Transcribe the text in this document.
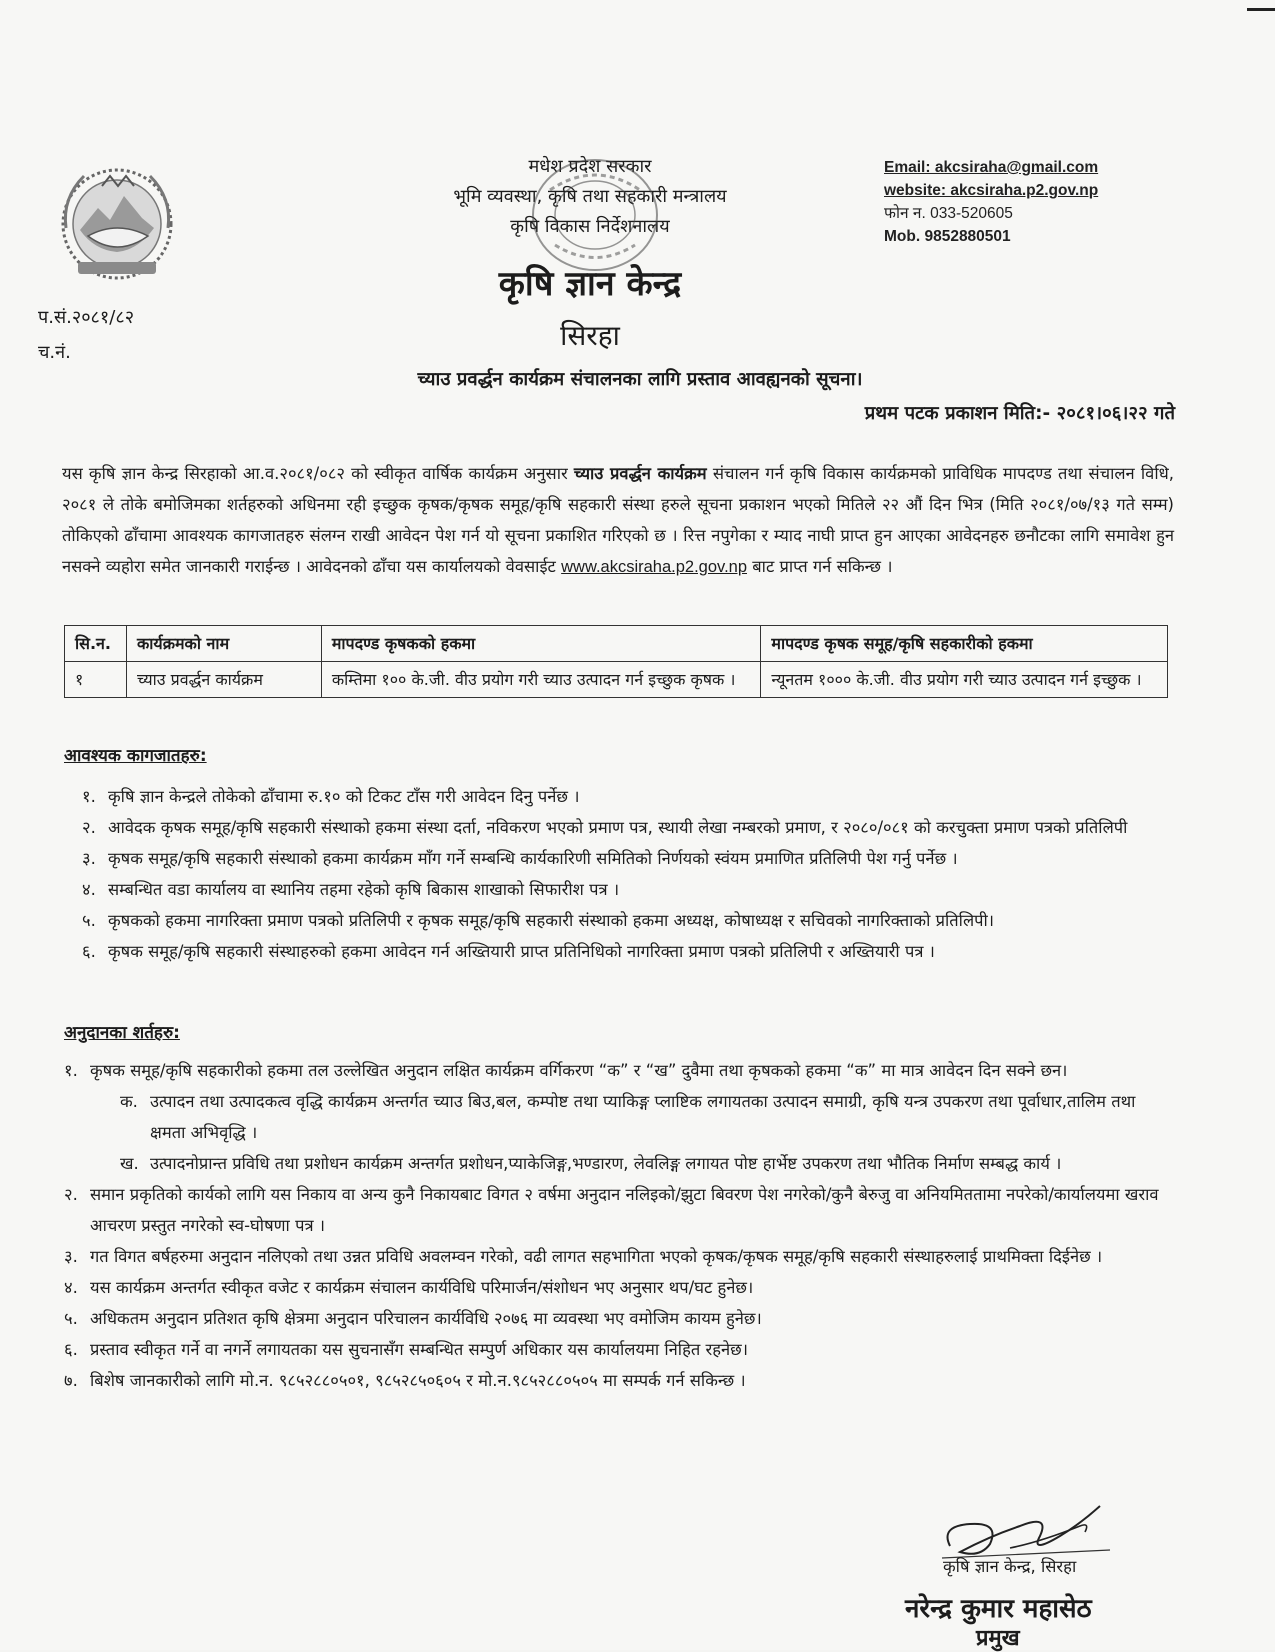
मधेश प्रदेश सरकार
भूमि व्यवस्था, कृषि तथा सहकारी मन्त्रालय
कृषि विकास निर्देशनालय
कृषि ज्ञान केन्द्र
सिरहा
Email: akcsiraha@gmail.com
website: akcsiraha.p2.gov.np
फोन न. 033-520605
Mob. 9852880501
प.सं.२०८१/८२
च.नं.
च्याउ प्रवर्द्धन कार्यक्रम संचालनका लागि प्रस्ताव आवह्यनको सूचना।
प्रथम पटक प्रकाशन मिति:- २०८१।०६।२२ गते
यस कृषि ज्ञान केन्द्र सिरहाको आ.व.२०८१/०८२ को स्वीकृत वार्षिक कार्यक्रम अनुसार च्याउ प्रवर्द्धन कार्यक्रम संचालन गर्न कृषि विकास कार्यक्रमको प्राविधिक मापदण्ड तथा संचालन विधि, २०८१ ले तोके बमोजिमका शर्तहरुको अधिनमा रही इच्छुक कृषक/कृषक समूह/कृषि सहकारी संस्था हरुले सूचना प्रकाशन भएको मितिले २२ औं दिन भित्र (मिति २०८१/०७/१३ गते सम्म) तोकिएको ढाँचामा आवश्यक कागजातहरु संलग्न राखी आवेदन पेश गर्न यो सूचना प्रकाशित गरिएको छ । रित्त नपुगेका र म्याद नाघी प्राप्त हुन आएका आवेदनहरु छनौटका लागि समावेश हुन नसक्ने व्यहोरा समेत जानकारी गराईन्छ । आवेदनको ढाँचा यस कार्यालयको वेवसाईट www.akcsiraha.p2.gov.np बाट प्राप्त गर्न सकिन्छ ।
सि.न.	कार्यक्रमको नाम	मापदण्ड कृषकको हकमा	मापदण्ड कृषक समूह/कृषि सहकारीको हकमा
१	च्याउ प्रवर्द्धन कार्यक्रम	कम्तिमा १०० के.जी. वीउ प्रयोग गरी च्याउ उत्पादन गर्न इच्छुक कृषक ।	न्यूनतम १००० के.जी. वीउ प्रयोग गरी च्याउ उत्पादन गर्न इच्छुक ।
आवश्यक कागजातहरु:
१. कृषि ज्ञान केन्द्रले तोकेको ढाँचामा रु.१० को टिकट टाँस गरी आवेदन दिनु पर्नेछ ।
२. आवेदक कृषक समूह/कृषि सहकारी संस्थाको हकमा संस्था दर्ता, नविकरण भएको प्रमाण पत्र, स्थायी लेखा नम्बरको प्रमाण, र २०८०/०८१ को करचुक्ता प्रमाण पत्रको प्रतिलिपी
३. कृषक समूह/कृषि सहकारी संस्थाको हकमा कार्यक्रम माँग गर्ने सम्बन्धि कार्यकारिणी समितिको निर्णयको स्वंयम प्रमाणित प्रतिलिपी पेश गर्नु पर्नेछ ।
४. सम्बन्धित वडा कार्यालय वा स्थानिय तहमा रहेको कृषि बिकास शाखाको सिफारीश पत्र ।
५. कृषकको हकमा नागरिक्ता प्रमाण पत्रको प्रतिलिपी र कृषक समूह/कृषि सहकारी संस्थाको हकमा अध्यक्ष, कोषाध्यक्ष र सचिवको नागरिक्ताको प्रतिलिपी।
६. कृषक समूह/कृषि सहकारी संस्थाहरुको हकमा आवेदन गर्न अख्तियारी प्राप्त प्रतिनिधिको नागरिक्ता प्रमाण पत्रको प्रतिलिपी र अख्तियारी पत्र ।
अनुदानका शर्तहरु:
१. कृषक समूह/कृषि सहकारीको हकमा तल उल्लेखित अनुदान लक्षित कार्यक्रम वर्गिकरण “क” र “ख” दुवैमा तथा कृषकको हकमा “क” मा मात्र आवेदन दिन सक्ने छन।
क. उत्पादन तथा उत्पादकत्व वृद्धि कार्यक्रम अन्तर्गत च्याउ बिउ,बल, कम्पोष्ट तथा प्याकिङ्ग प्लाष्टिक लगायतका उत्पादन समाग्री, कृषि यन्त्र उपकरण तथा पूर्वाधार,तालिम तथा क्षमता अभिवृद्धि ।
ख. उत्पादनोप्रान्त प्रविधि तथा प्रशोधन कार्यक्रम अन्तर्गत प्रशोधन,प्याकेजिङ्ग,भण्डारण, लेवलिङ्ग लगायत पोष्ट हार्भेष्ट उपकरण तथा भौतिक निर्माण सम्बद्ध कार्य ।
२. समान प्रकृतिको कार्यको लागि यस निकाय वा अन्य कुनै निकायबाट विगत २ वर्षमा अनुदान नलिइको/झुटा बिवरण पेश नगरेको/कुनै बेरुजु वा अनियमिततामा नपरेको/कार्यालयमा खराव आचरण प्रस्तुत नगरेको स्व-घोषणा पत्र ।
३. गत विगत बर्षहरुमा अनुदान नलिएको तथा उन्नत प्रविधि अवलम्वन गरेको, वढी लागत सहभागिता भएको कृषक/कृषक समूह/कृषि सहकारी संस्थाहरुलाई प्राथमिक्ता दिईनेछ ।
४. यस कार्यक्रम अन्तर्गत स्वीकृत वजेट र कार्यक्रम संचालन कार्यविधि परिमार्जन/संशोधन भए अनुसार थप/घट हुनेछ।
५. अधिकतम अनुदान प्रतिशत कृषि क्षेत्रमा अनुदान परिचालन कार्यविधि २०७६ मा व्यवस्था भए वमोजिम कायम हुनेछ।
६. प्रस्ताव स्वीकृत गर्ने वा नगर्ने लगायतका यस सुचनासँग सम्बन्धित सम्पुर्ण अधिकार यस कार्यालयमा निहित रहनेछ।
७. बिशेष जानकारीको लागि मो.न. ९८५२८८०५०१, ९८५२८५०६०५ र मो.न.९८५२८८०५०५ मा सम्पर्क गर्न सकिन्छ ।
कृषि ज्ञान केन्द्र, सिरहा
नरेन्द्र कुमार महासेठ
प्रमुख
